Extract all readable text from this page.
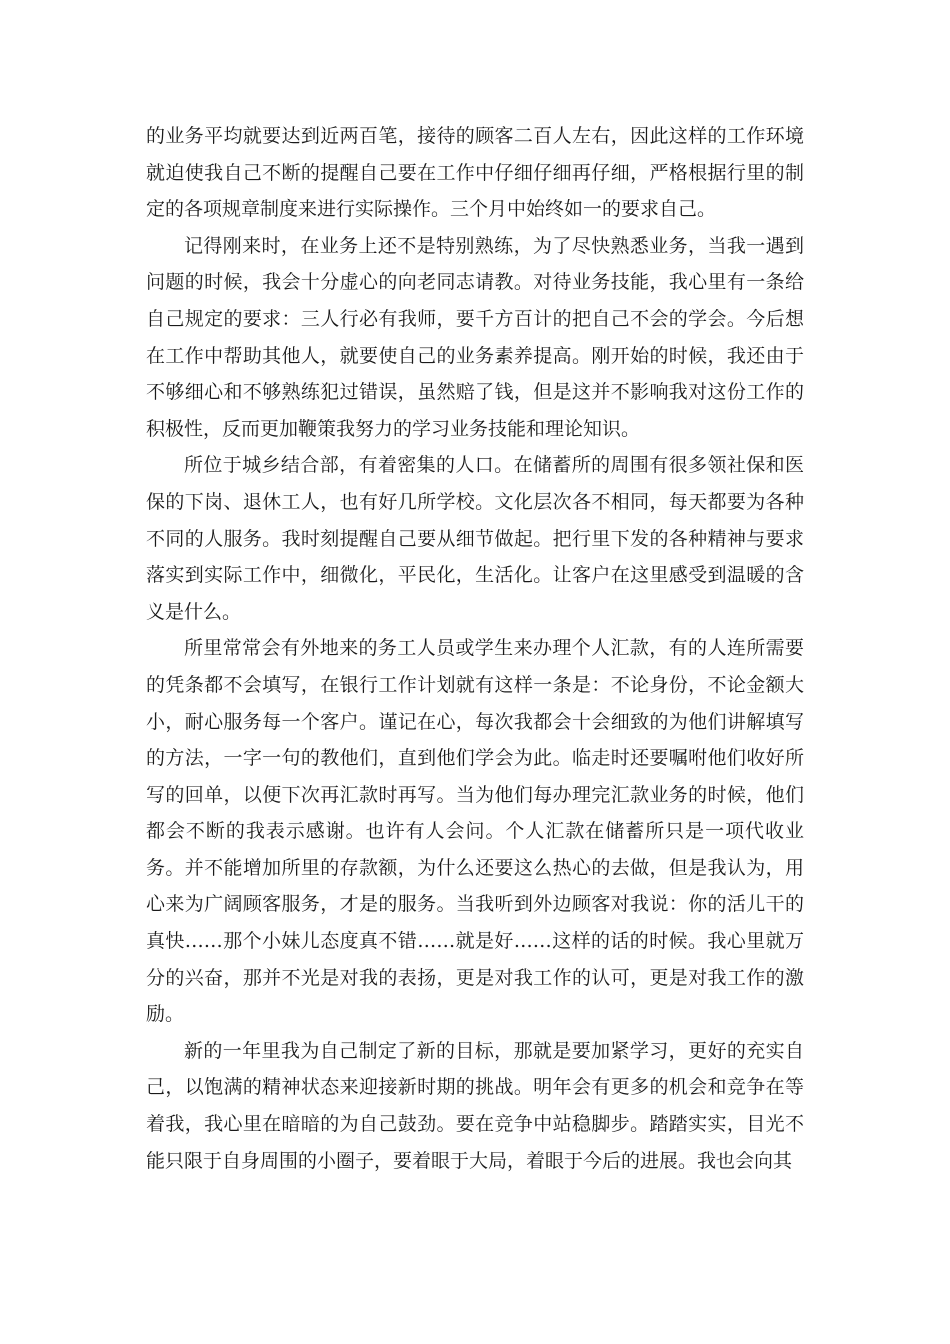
的业务平均就要达到近两百笔，接待的顾客二百人左右，因此这样的工作环境就迫使我自己不断的提醒自己要在工作中仔细仔细再仔细，严格根据行里的制定的各项规章制度来进行实际操作。三个月中始终如一的要求自己。

记得刚来时，在业务上还不是特别熟练，为了尽快熟悉业务，当我一遇到问题的时候，我会十分虚心的向老同志请教。对待业务技能，我心里有一条给自己规定的要求：三人行必有我师，要千方百计的把自己不会的学会。今后想在工作中帮助其他人，就要使自己的业务素养提高。刚开始的时候，我还由于不够细心和不够熟练犯过错误，虽然赔了钱，但是这并不影响我对这份工作的积极性，反而更加鞭策我努力的学习业务技能和理论知识。

所位于城乡结合部，有着密集的人口。在储蓄所的周围有很多领社保和医保的下岗、退休工人，也有好几所学校。文化层次各不相同，每天都要为各种不同的人服务。我时刻提醒自己要从细节做起。把行里下发的各种精神与要求落实到实际工作中，细微化，平民化，生活化。让客户在这里感受到温暖的含义是什么。

所里常常会有外地来的务工人员或学生来办理个人汇款，有的人连所需要的凭条都不会填写，在银行工作计划就有这样一条是：不论身份，不论金额大小，耐心服务每一个客户。谨记在心，每次我都会十会细致的为他们讲解填写的方法，一字一句的教他们，直到他们学会为此。临走时还要嘱咐他们收好所写的回单，以便下次再汇款时再写。当为他们每办理完汇款业务的时候，他们都会不断的我表示感谢。也许有人会问。个人汇款在储蓄所只是一项代收业务。并不能增加所里的存款额，为什么还要这么热心的去做，但是我认为，用心来为广阔顾客服务，才是的服务。当我听到外边顾客对我说：你的活儿干的真快……那个小妹儿态度真不错……就是好……这样的话的时候。我心里就万分的兴奋，那并不光是对我的表扬，更是对我工作的认可，更是对我工作的激励。

新的一年里我为自己制定了新的目标，那就是要加紧学习，更好的充实自己，以饱满的精神状态来迎接新时期的挑战。明年会有更多的机会和竞争在等着我，我心里在暗暗的为自己鼓劲。要在竞争中站稳脚步。踏踏实实，目光不能只限于自身周围的小圈子，要着眼于大局，着眼于今后的进展。我也会向其
